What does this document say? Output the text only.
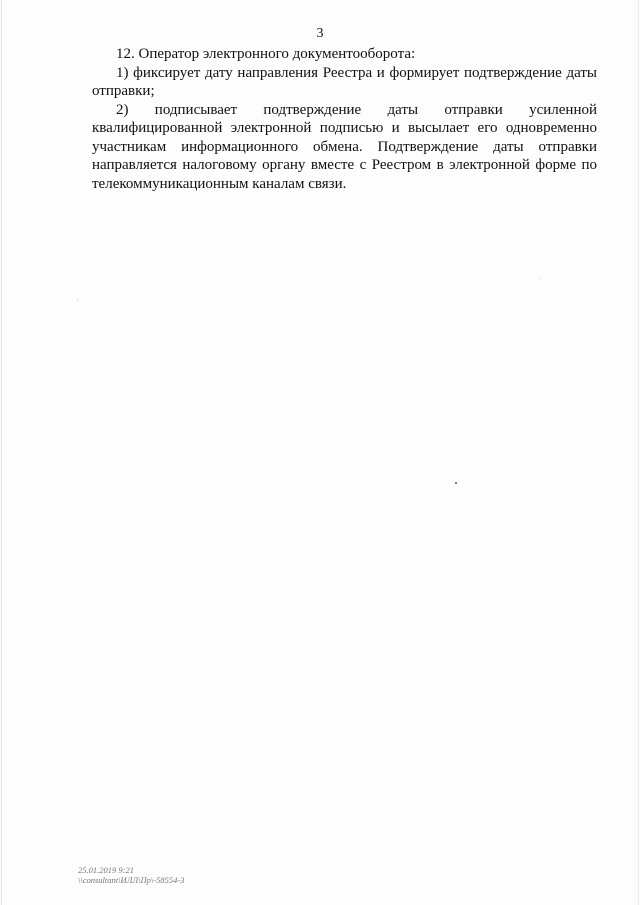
3

12. Оператор электронного документооборота:

1) фиксирует дату направления Реестра и формирует подтверждение даты отправки;

2) подписывает подтверждение даты отправки усиленной квалифицированной электронной подписью и высылает его одновременно участникам информационного обмена. Подтверждение даты отправки направляется налоговому органу вместе с Реестром в электронной форме по телекоммуникационным каналам связи.

25.01.2019 9:21
\\consultant\ИЛЛ\Пр\-58554-3
